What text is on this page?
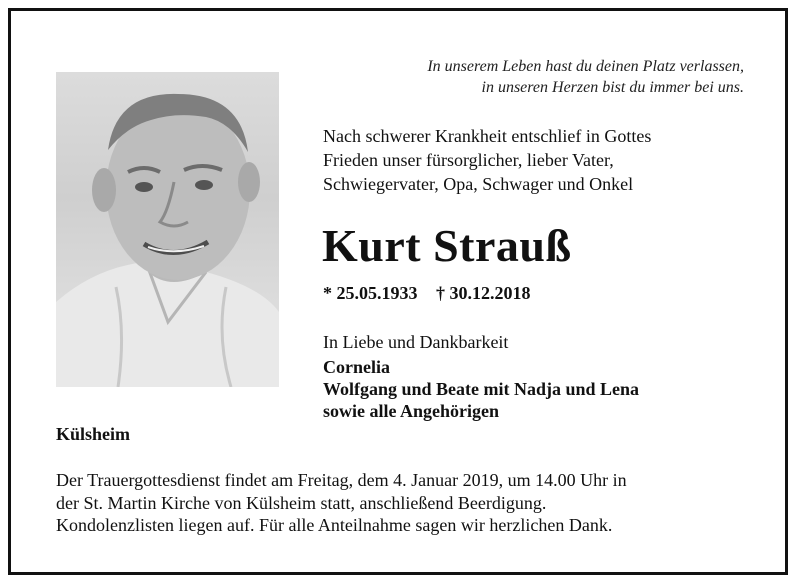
In unserem Leben hast du deinen Platz verlassen,
in unseren Herzen bist du immer bei uns.
Nach schwerer Krankheit entschlief in Gottes
Frieden unser fürsorglicher, lieber Vater,
Schwiegervater, Opa, Schwager und Onkel
Kurt Strauß
* 25.05.1933 † 30.12.2018
In Liebe und Dankbarkeit
Cornelia
Wolfgang und Beate mit Nadja und Lena
sowie alle Angehörigen
Külsheim
Der Trauergottesdienst findet am Freitag, dem 4. Januar 2019, um 14.00 Uhr in
der St. Martin Kirche von Külsheim statt, anschließend Beerdigung.
Kondolenzlisten liegen auf. Für alle Anteilnahme sagen wir herzlichen Dank.
